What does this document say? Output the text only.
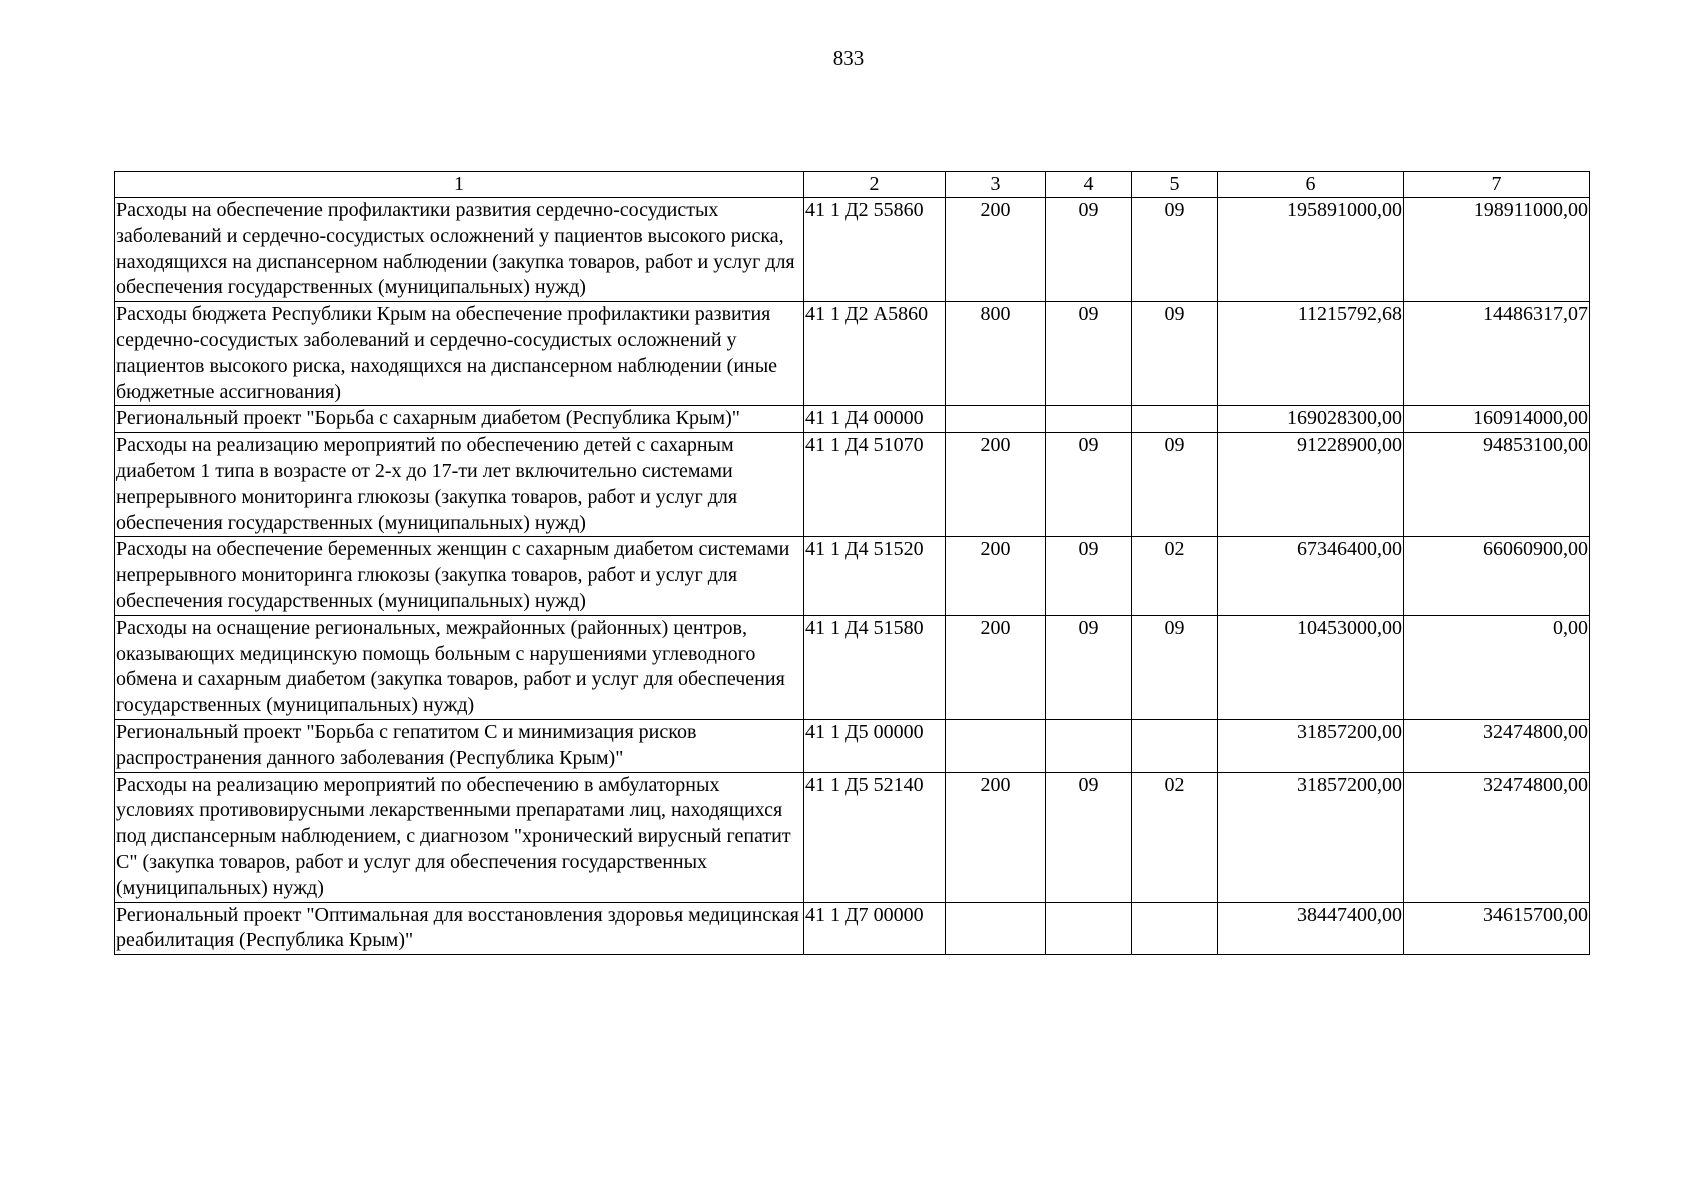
833
1	2	3	4	5	6	7
Расходы на обеспечение профилактики развития сердечно-сосудистых заболеваний и сердечно-сосудистых осложнений у пациентов высокого риска, находящихся на диспансерном наблюдении (закупка товаров, работ и услуг для обеспечения государственных (муниципальных) нужд)	41 1 Д2 55860	200	09	09	195891000,00	198911000,00
Расходы бюджета Республики Крым на обеспечение профилактики развития сердечно-сосудистых заболеваний и сердечно-сосудистых осложнений у пациентов высокого риска, находящихся на диспансерном наблюдении (иные бюджетные ассигнования)	41 1 Д2 А5860	800	09	09	11215792,68	14486317,07
Региональный проект "Борьба с сахарным диабетом (Республика Крым)"	41 1 Д4 00000				169028300,00	160914000,00
Расходы на реализацию мероприятий по обеспечению детей с сахарным диабетом 1 типа в возрасте от 2-х до 17-ти лет включительно системами непрерывного мониторинга глюкозы (закупка товаров, работ и услуг для обеспечения государственных (муниципальных) нужд)	41 1 Д4 51070	200	09	09	91228900,00	94853100,00
Расходы на обеспечение беременных женщин с сахарным диабетом системами непрерывного мониторинга глюкозы (закупка товаров, работ и услуг для обеспечения государственных (муниципальных) нужд)	41 1 Д4 51520	200	09	02	67346400,00	66060900,00
Расходы на оснащение региональных, межрайонных (районных) центров, оказывающих медицинскую помощь больным с нарушениями углеводного обмена и сахарным диабетом (закупка товаров, работ и услуг для обеспечения государственных (муниципальных) нужд)	41 1 Д4 51580	200	09	09	10453000,00	0,00
Региональный проект "Борьба с гепатитом С и минимизация рисков распространения данного заболевания (Республика Крым)"	41 1 Д5 00000				31857200,00	32474800,00
Расходы на реализацию мероприятий по обеспечению в амбулаторных условиях противовирусными лекарственными препаратами лиц, находящихся под диспансерным наблюдением, с диагнозом "хронический вирусный гепатит С" (закупка товаров, работ и услуг для обеспечения государственных (муниципальных) нужд)	41 1 Д5 52140	200	09	02	31857200,00	32474800,00
Региональный проект "Оптимальная для восстановления здоровья медицинская реабилитация (Республика Крым)"	41 1 Д7 00000				38447400,00	34615700,00
